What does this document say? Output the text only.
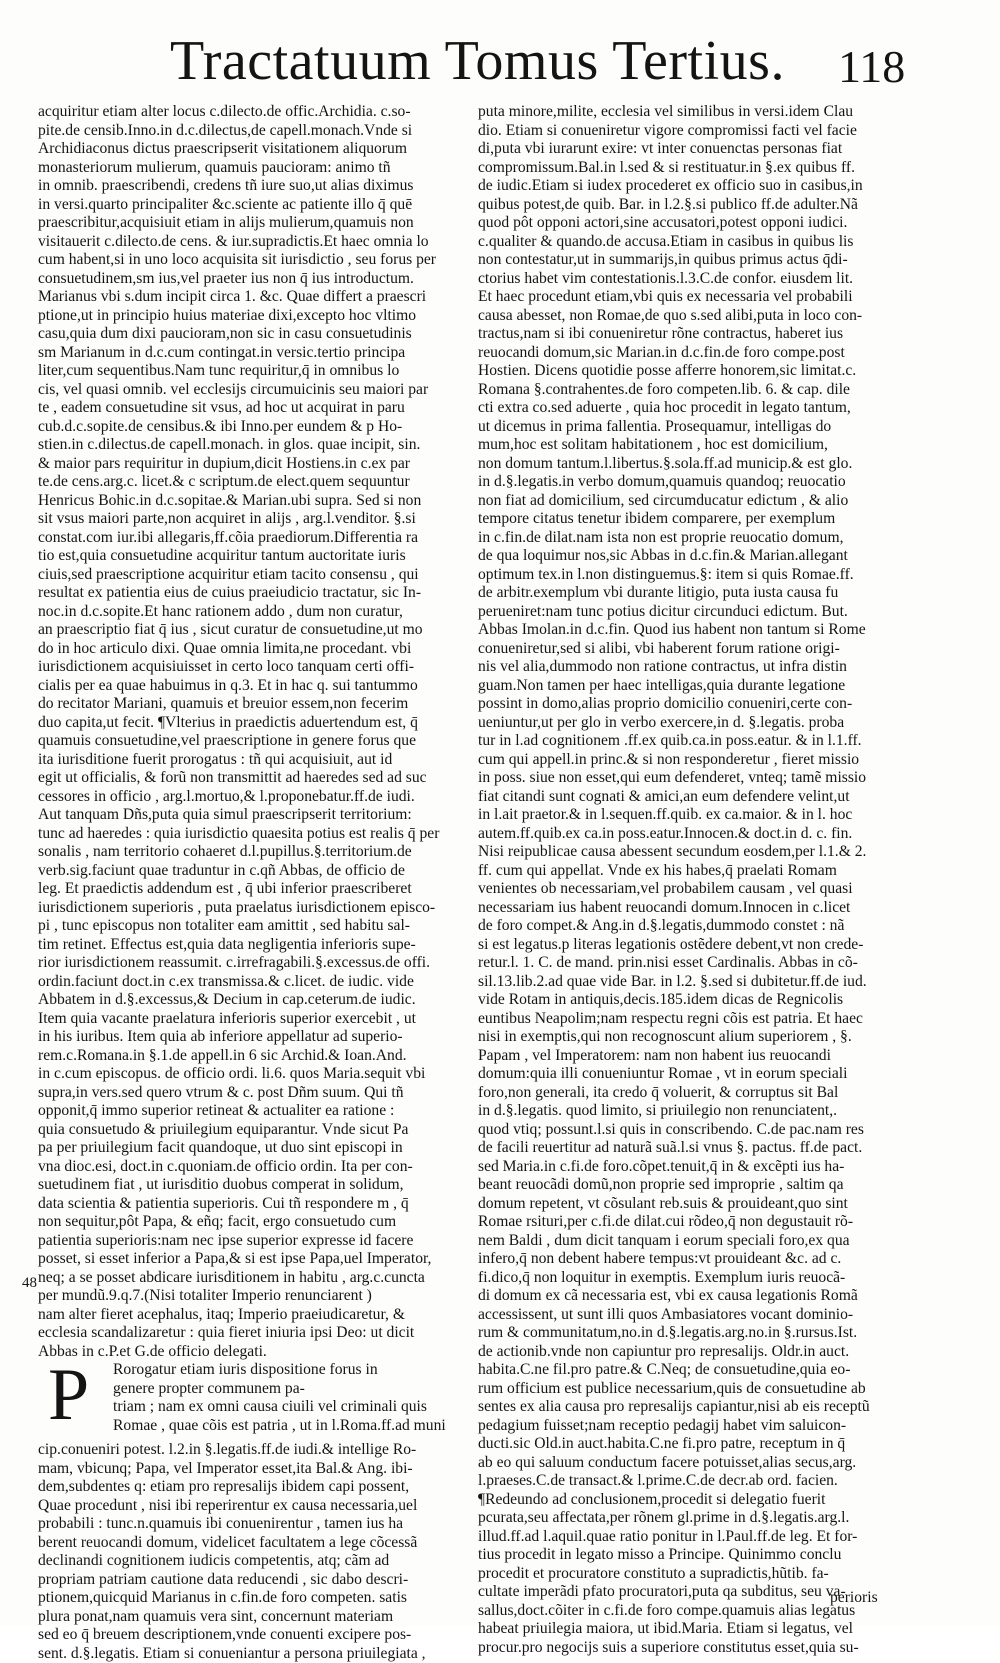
Tractatuum Tomus Tertius. 118
48
acquiritur etiam alter locus c.dilecto.de offic.Archidia. c.so-
pite.de censib.Inno.in d.c.dilectus,de capell.monach.Vnde si
Archidiaconus dictus praescripserit visitationem aliquorum
monasteriorum mulierum, quamuis paucioram: animo tñ
in omnib. praescribendi, credens tñ iure suo,ut alias diximus
in versi.quarto principaliter &c.sciente ac patiente illo q̄ quē
praescribitur,acquisiuit etiam in alijs mulierum,quamuis non
visitauerit c.dilecto.de cens. & iur.supradictis.Et haec omnia lo
cum habent,si in uno loco acquisita sit iurisdictio , seu forus per
consuetudinem,sm ius,vel praeter ius non q̄ ius introductum.
Marianus vbi s.dum incipit circa 1. &c. Quae differt a praescri
ptione,ut in principio huius materiae dixi,excepto hoc vltimo
casu,quia dum dixi paucioram,non sic in casu consuetudinis
sm Marianum in d.c.cum contingat.in versic.tertio principa
liter,cum sequentibus.Nam tunc requiritur,q̄ in omnibus lo
cis, vel quasi omnib. vel ecclesijs circumuicinis seu maiori par
te , eadem consuetudine sit vsus, ad hoc ut acquirat in paru
cub.d.c.sopite.de censibus.& ibi Inno.per eundem & p Ho-
stien.in c.dilectus.de capell.monach. in glos. quae incipit, sin.
& maior pars requiritur in dupium,dicit Hostiens.in c.ex par
te.de cens.arg.c. licet.& c scriptum.de elect.quem sequuntur
Henricus Bohic.in d.c.sopitae.& Marian.ubi supra. Sed si non
sit vsus maiori parte,non acquiret in alijs , arg.l.venditor. §.si
constat.com iur.ibi allegaris,ff.cõia praediorum.Differentia ra
tio est,quia consuetudine acquiritur tantum auctoritate iuris
ciuis,sed praescriptione acquiritur etiam tacito consensu , qui
resultat ex patientia eius de cuius praeiudicio tractatur, sic In-
noc.in d.c.sopite.Et hanc rationem addo , dum non curatur,
an praescriptio fiat q̄ ius , sicut curatur de consuetudine,ut mo
do in hoc articulo dixi. Quae omnia limita,ne procedant. vbi
iurisdictionem acquisiuisset in certo loco tanquam certi offi-
cialis per ea quae habuimus in q.3. Et in hac q. sui tantummo
do recitator Mariani, quamuis et breuior essem,non fecerim
duo capita,ut fecit. ¶Vlterius in praedictis aduertendum est, q̄
quamuis consuetudine,vel praescriptione in genere forus que
ita iurisditione fuerit prorogatus : tñ qui acquisiuit, aut id
egit ut officialis, & forũ non transmittit ad haeredes sed ad suc
cessores in officio , arg.l.mortuo,& l.proponebatur.ff.de iudi.
Aut tanquam Dñs,puta quia simul praescripserit territorium:
tunc ad haeredes : quia iurisdictio quaesita potius est realis q̄ per
sonalis , nam territorio cohaeret d.l.pupillus.§.territorium.de
verb.sig.faciunt quae traduntur in c.qñ Abbas, de officio de
leg. Et praedictis addendum est , q̄ ubi inferior praescriberet
iurisdictionem superioris , puta praelatus iurisdictionem episco-
pi , tunc episcopus non totaliter eam amittit , sed habitu sal-
tim retinet. Effectus est,quia data negligentia inferioris supe-
rior iurisdictionem reassumit. c.irrefragabili.§.excessus.de offi.
ordin.faciunt doct.in c.ex transmissa.& c.licet. de iudic. vide
Abbatem in d.§.excessus,& Decium in cap.ceterum.de iudic.
Item quia vacante praelatura inferioris superior exercebit , ut
in his iuribus. Item quia ab inferiore appellatur ad superio-
rem.c.Romana.in §.1.de appell.in 6 sic Archid.& Ioan.And.
in c.cum episcopus. de officio ordi. li.6. quos Maria.sequit vbi
supra,in vers.sed quero vtrum & c. post Dñm suum. Qui tñ
opponit,q̄ immo superior retineat & actualiter ea ratione :
quia consuetudo & priuilegium equiparantur. Vnde sicut Pa
pa per priuilegium facit quandoque, ut duo sint episcopi in
vna dioc.esi, doct.in c.quoniam.de officio ordin. Ita per con-
suetudinem fiat , ut iurisditio duobus comperat in solidum,
data scientia & patientia superioris. Cui tñ respondere m , q̄
non sequitur,pôt Papa, & eñq; facit, ergo consuetudo cum
patientia superioris:nam nec ipse superior expresse id facere
posset, si esset inferior a Papa,& si est ipse Papa,uel Imperator,
neq; a se posset abdicare iurisditionem in habitu , arg.c.cuncta
per mundũ.9.q.7.(Nisi totaliter Imperio renunciarent )
nam alter fieret acephalus, itaq; Imperio praeiudicaretur, &
ecclesia scandalizaretur : quia fieret iniuria ipsi Deo: ut dicit
Abbas in c.P.et G.de officio delegati.
P Rorogatur etiam iuris dispositione forus in
genere propter communem pa-
triam ; nam ex omni causa ciuili vel criminali quis
Romae , quae cõis est patria , ut in l.Roma.ff.ad muni
cip.conueniri potest. l.2.in §.legatis.ff.de iudi.& intellige Ro-
mam, vbicunq; Papa, vel Imperator esset,ita Bal.& Ang. ibi-
dem,subdentes q: etiam pro represalijs ibidem capi possent,
Quae procedunt , nisi ibi reperirentur ex causa necessaria,uel
probabili : tunc.n.quamuis ibi conuenirentur , tamen ius ha
berent reuocandi domum, videlicet facultatem a lege cõcessã
declinandi cognitionem iudicis competentis, atq; cãm ad
propriam patriam cautione data reducendi , sic dabo descri-
ptionem,quicquid Marianus in c.fin.de foro competen. satis
plura ponat,nam quamuis vera sint, concernunt materiam
sed eo q̄ breuem descriptionem,vnde conuenti excipere pos-
sent. d.§.legatis. Etiam si conueniantur a persona priuilegiata ,
puta minore,milite, ecclesia vel similibus in versi.idem Clau
dio. Etiam si conueniretur vigore compromissi facti vel facie
di,puta vbi iurarunt exire: vt inter conuenctas personas fiat
compromissum.Bal.in l.sed & si restituatur.in §.ex quibus ff.
de iudic.Etiam si iudex procederet ex officio suo in casibus,in
quibus potest,de quib. Bar. in l.2.§.si publico ff.de adulter.Nã
quod pôt opponi actori,sine accusatori,potest opponi iudici.
c.qualiter & quando.de accusa.Etiam in casibus in quibus lis
non contestatur,ut in summarijs,in quibus primus actus q̄di-
ctorius habet vim contestationis.l.3.C.de confor. eiusdem lit.
Et haec procedunt etiam,vbi quis ex necessaria vel probabili
causa abesset, non Romae,de quo s.sed alibi,puta in loco con-
tractus,nam si ibi conueniretur rõne contractus, haberet ius
reuocandi domum,sic Marian.in d.c.fin.de foro compe.post
Hostien. Dicens quotidie posse afferre honorem,sic limitat.c.
Romana §.contrahentes.de foro competen.lib. 6. & cap. dile
cti extra co.sed aduerte , quia hoc procedit in legato tantum,
ut dicemus in prima fallentia. Prosequamur, intelligas do
mum,hoc est solitam habitationem , hoc est domicilium,
non domum tantum.l.libertus.§.sola.ff.ad municip.& est glo.
in d.§.legatis.in verbo domum,quamuis quandoq; reuocatio
non fiat ad domicilium, sed circumducatur edictum , & alio
tempore citatus tenetur ibidem comparere, per exemplum
in c.fin.de dilat.nam ista non est proprie reuocatio domum,
de qua loquimur nos,sic Abbas in d.c.fin.& Marian.allegant
optimum tex.in l.non distinguemus.§: item si quis Romae.ff.
de arbitr.exemplum vbi durante litigio, puta iusta causa fu
perueniret:nam tunc potius dicitur circunduci edictum. But.
Abbas Imolan.in d.c.fin. Quod ius habent non tantum si Rome
conueniretur,sed si alibi, vbi haberent forum ratione origi-
nis vel alia,dummodo non ratione contractus, ut infra distin
guam.Non tamen per haec intelligas,quia durante legatione
possint in domo,alias proprio domicilio conueniri,certe con-
ueniuntur,ut per glo in verbo exercere,in d. §.legatis. proba
tur in l.ad cognitionem .ff.ex quib.ca.in poss.eatur. & in l.1.ff.
cum qui appell.in princ.& si non responderetur , fieret missio
in poss. siue non esset,qui eum defenderet, vnteq; tamẽ missio
fiat citandi sunt cognati & amici,an eum defendere velint,ut
in l.ait praetor.& in l.sequen.ff.quib. ex ca.maior. & in l. hoc
autem.ff.quib.ex ca.in poss.eatur.Innocen.& doct.in d. c. fin.
Nisi reipublicae causa abessent secundum eosdem,per l.1.& 2.
ff. cum qui appellat. Vnde ex his habes,q̄ praelati Romam
venientes ob necessariam,vel probabilem causam , vel quasi
necessariam ius habent reuocandi domum.Innocen in c.licet
de foro compet.& Ang.in d.§.legatis,dummodo constet : nã
si est legatus.p literas legationis ostẽdere debent,vt non crede-
retur.l. 1. C. de mand. prin.nisi esset Cardinalis. Abbas in cõ-
sil.13.lib.2.ad quae vide Bar. in l.2. §.sed si dubitetur.ff.de iud.
vide Rotam in antiquis,decis.185.idem dicas de Regnicolis
euntibus Neapolim;nam respectu regni cõis est patria. Et haec
nisi in exemptis,qui non recognoscunt alium superiorem , §.
Papam , vel Imperatorem: nam non habent ius reuocandi
domum:quia illi conueniuntur Romae , vt in eorum speciali
foro,non generali, ita credo q̄ voluerit, & corruptus sit Bal
in d.§.legatis. quod limito, si priuilegio non renunciatent,.
quod vtiq; possunt.l.si quis in conscribendo. C.de pac.nam res
de facili reuertitur ad naturã suã.l.si vnus §. pactus. ff.de pact.
sed Maria.in c.fi.de foro.cõpet.tenuit,q̄ in & excẽpti ius ha-
beant reuocãdi domũ,non proprie sed improprie , saltim qa
domum repetent, vt cõsulant reb.suis & prouideant,quo sint
Romae rsituri,per c.fi.de dilat.cui rõdeo,q̄ non degustauit rõ-
nem Baldi , dum dicit tanquam i eorum speciali foro,ex qua
infero,q̄ non debent habere tempus:vt prouideant &c. ad c.
fi.dico,q̄ non loquitur in exemptis. Exemplum iuris reuocã-
di domum ex cã necessaria est, vbi ex causa legationis Romã
accessissent, ut sunt illi quos Ambasiatores vocant dominio-
rum & communitatum,no.in d.§.legatis.arg.no.in §.rursus.Ist.
de actionib.vnde non capiuntur pro represalijs. Oldr.in auct.
habita.C.ne fil.pro patre.& C.Neq; de consuetudine,quia eo-
rum officium est publice necessarium,quis de consuetudine ab
sentes ex alia causa pro represalijs capiantur,nisi ab eis receptũ
pedagium fuisset;nam receptio pedagij habet vim saluicon-
ducti.sic Old.in auct.habita.C.ne fi.pro patre, receptum in q̄
ab eo qui saluum conductum facere potuisset,alias secus,arg.
l.praeses.C.de transact.& l.prime.C.de decr.ab ord. facien.
¶Redeundo ad conclusionem,procedit si delegatio fuerit
pcurata,seu affectata,per rõnem gl.prime in d.§.legatis.arg.l.
illud.ff.ad l.aquil.quae ratio ponitur in l.Paul.ff.de leg. Et for-
tius procedit in legato misso a Principe. Quinimmo conclu
procedit et procuratore constituto a supradictis,hũtib. fa-
cultate imperãdi pfato procuratori,puta qa subditus, seu va-
sallus,doct.cõiter in c.fi.de foro compe.quamuis alias legatus
habeat priuilegia maiora, ut ibid.Maria. Etiam si legatus, vel
procur.pro negocijs suis a superiore constitutus esset,quia su-
perioris
